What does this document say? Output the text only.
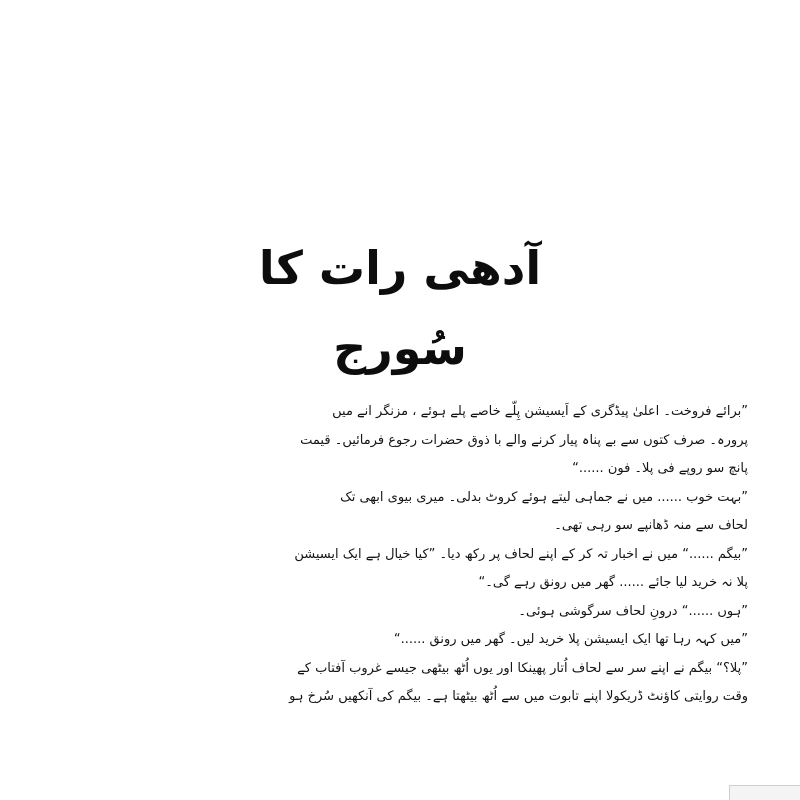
آدھی رات کا سُورج
”برائے فروخت۔ اعلیٰ پیڈگری کے اَیسیشن پِلّے خاصے پلے ہوئے ، مزنگر انے میں
پرورہ۔ صرف کتوں سے بے پناہ پیار کرنے والے با ذوق حضرات رجوع فرمائیں۔ قیمت
پانچ سو روپے فی پلا۔ فون ......“
”بہت خوب ...... میں نے جماہی لیتے ہوئے کروٹ بدلی۔ میری بیوی ابھی تک
لحاف سے منہ ڈھانپے سو رہی تھی۔
”بیگم ......“ میں نے اخبار تہ کر کے اپنے لحاف پر رکھ دیا۔ ”کیا خیال ہے ایک ایسیشن
پلا نہ خرید لیا جائے ...... گھر میں رونق رہے گی۔“
”ہوں ......“ درونِ لحاف سرگوشی ہوئی۔
”میں کہہ رہا تھا ایک ایسیشن پلا خرید لیں۔ گھر میں رونق ......“
”پلا؟“ بیگم نے اپنے سر سے لحاف اُتار پھینکا اور یوں اُٹھ بیٹھی جیسے غروب آفتاب کے
وقت روایتی کاؤنٹ ڈریکولا اپنے تابوت میں سے اُٹھ بیٹھتا ہے۔ بیگم کی آنکھیں سُرخ ہو
